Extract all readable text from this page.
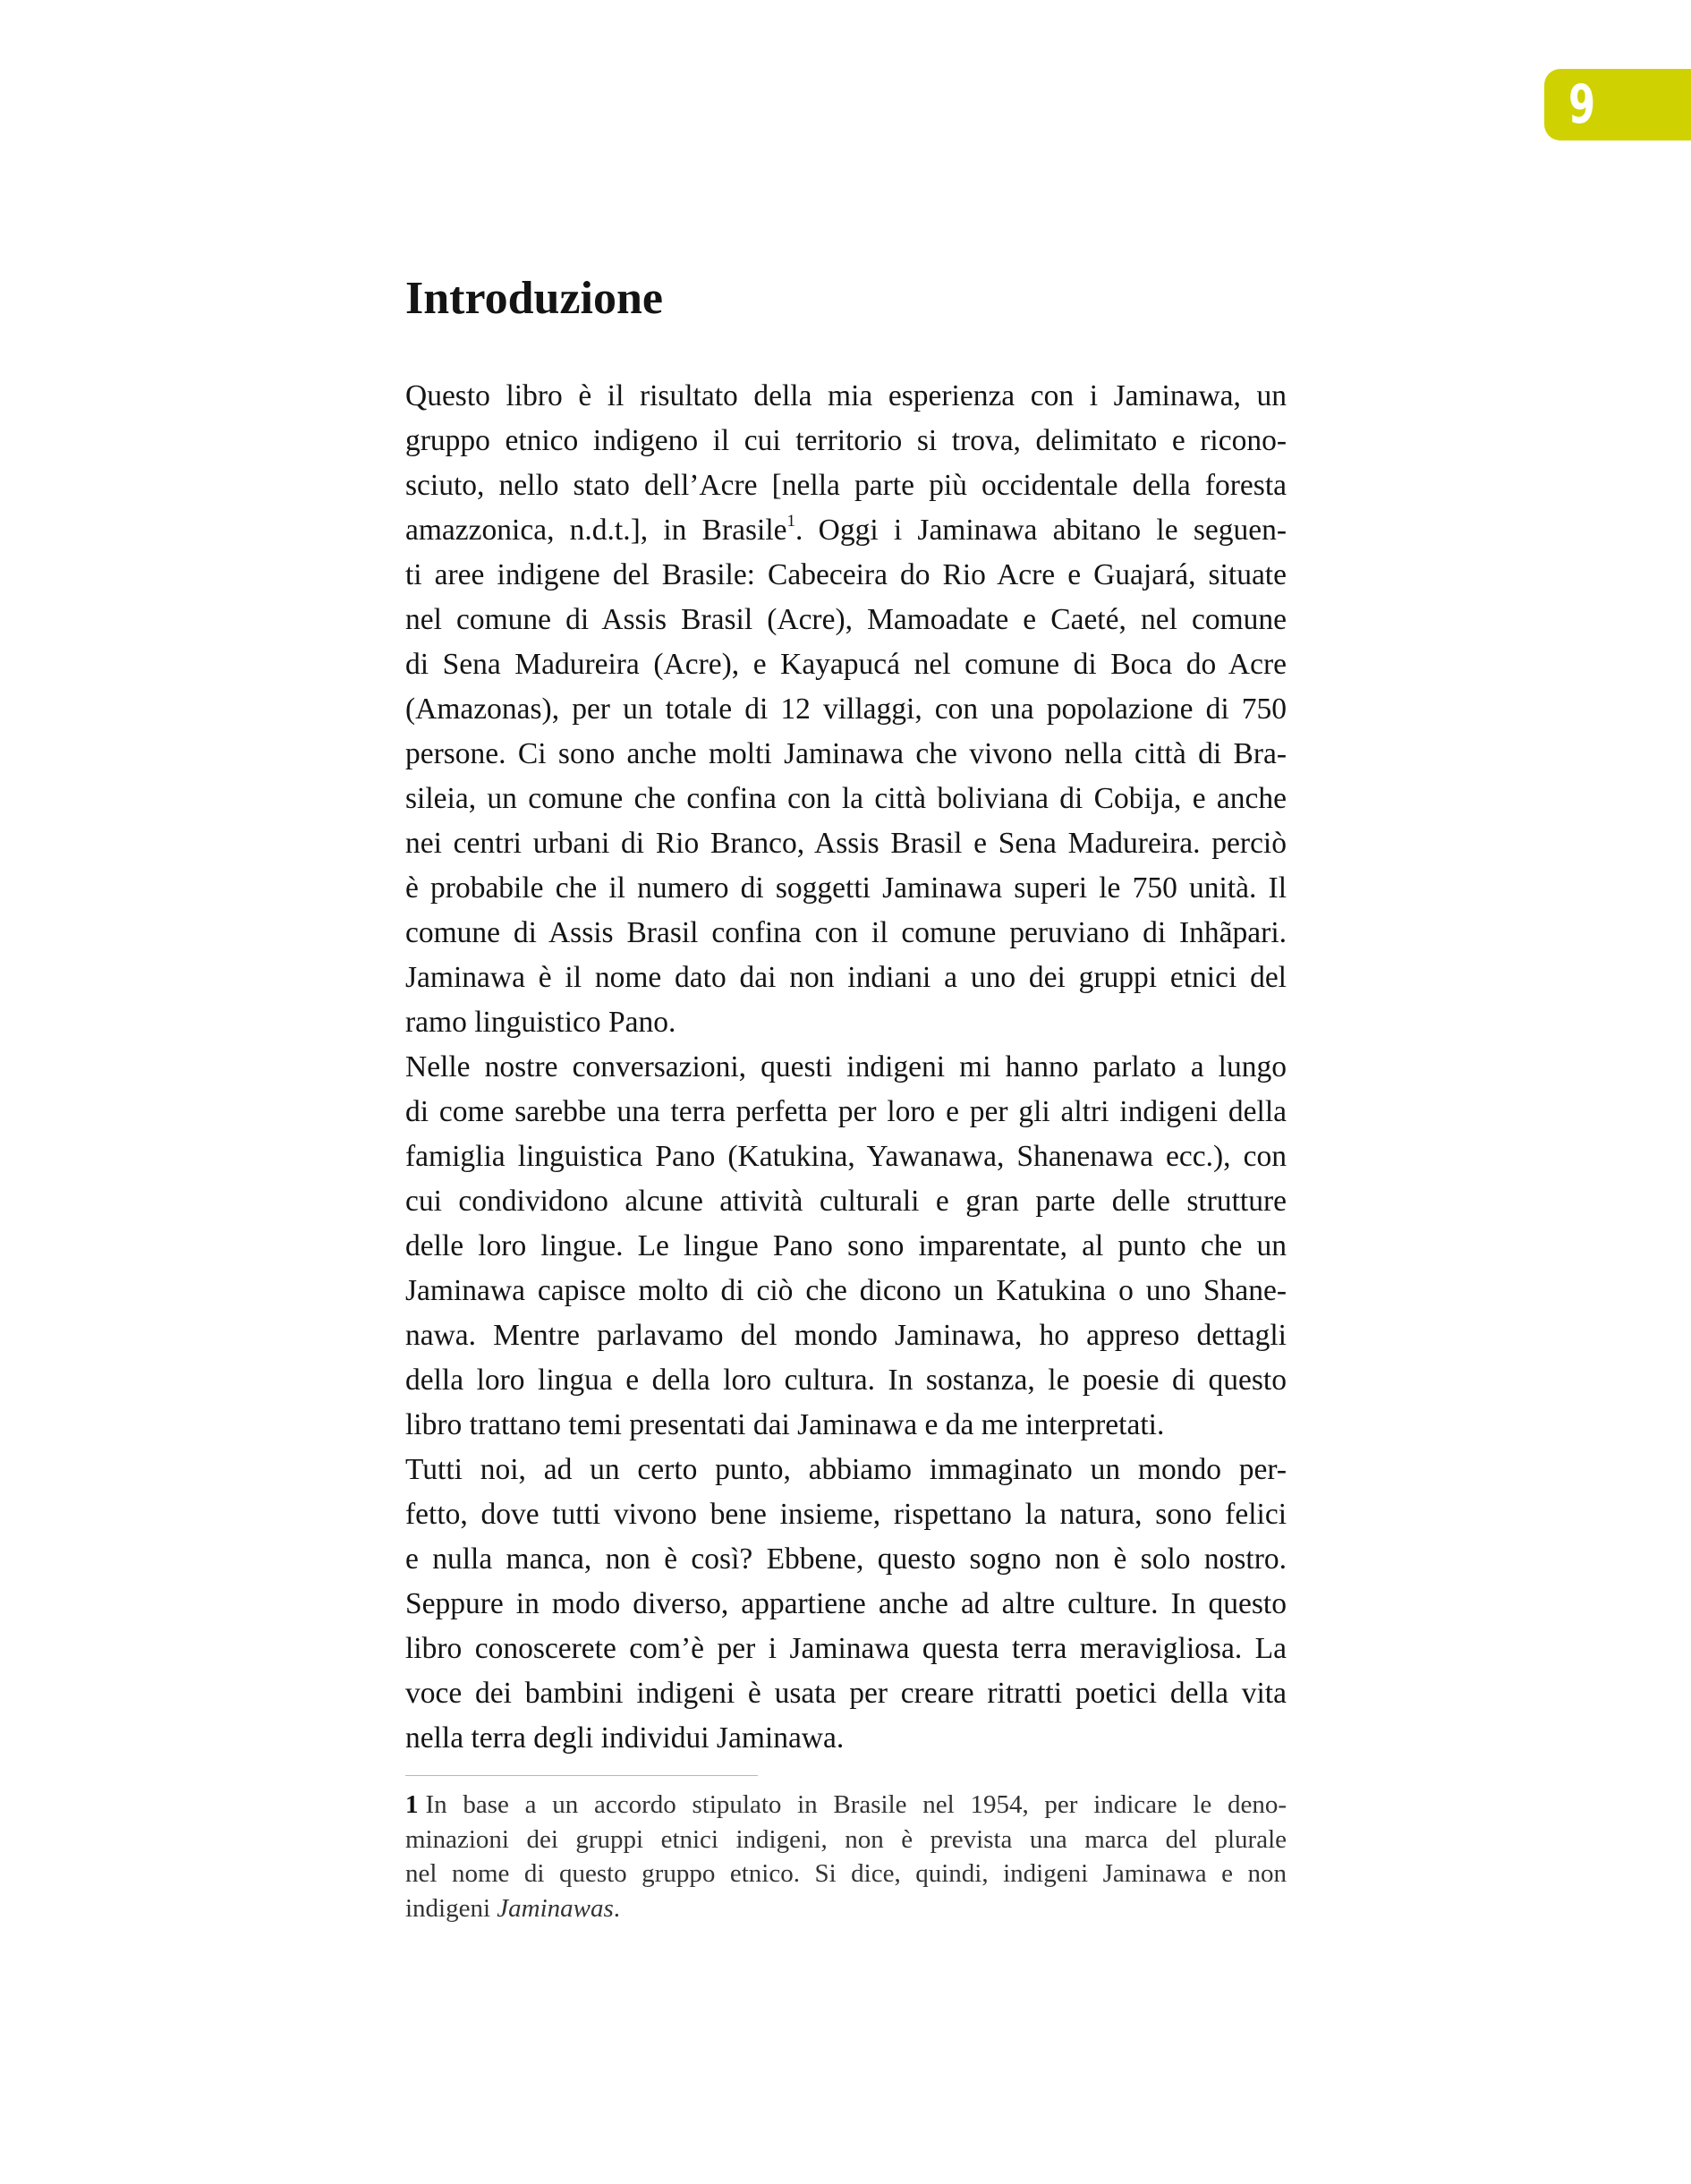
9
Introduzione
Questo libro è il risultato della mia esperienza con i Jaminawa, un
gruppo etnico indigeno il cui territorio si trova, delimitato e ricono-
sciuto, nello stato dell’Acre [nella parte più occidentale della foresta
amazzonica, n.d.t.], in Brasile$^1$. Oggi i Jaminawa abitano le seguen-
ti aree indigene del Brasile: Cabeceira do Rio Acre e Guajará, situate
nel comune di Assis Brasil (Acre), Mamoadate e Caeté, nel comune
di Sena Madureira (Acre), e Kayapucá nel comune di Boca do Acre
(Amazonas), per un totale di 12 villaggi, con una popolazione di 750
persone. Ci sono anche molti Jaminawa che vivono nella città di Bra-
sileia, un comune che confina con la città boliviana di Cobija, e anche
nei centri urbani di Rio Branco, Assis Brasil e Sena Madureira. perciò
è probabile che il numero di soggetti Jaminawa superi le 750 unità. Il
comune di Assis Brasil confina con il comune peruviano di Inhãpari.
Jaminawa è il nome dato dai non indiani a uno dei gruppi etnici del
ramo linguistico Pano.
Nelle nostre conversazioni, questi indigeni mi hanno parlato a lungo
di come sarebbe una terra perfetta per loro e per gli altri indigeni della
famiglia linguistica Pano (Katukina, Yawanawa, Shanenawa ecc.), con
cui condividono alcune attività culturali e gran parte delle strutture
delle loro lingue. Le lingue Pano sono imparentate, al punto che un
Jaminawa capisce molto di ciò che dicono un Katukina o uno Shane-
nawa. Mentre parlavamo del mondo Jaminawa, ho appreso dettagli
della loro lingua e della loro cultura. In sostanza, le poesie di questo
libro trattano temi presentati dai Jaminawa e da me interpretati.
Tutti noi, ad un certo punto, abbiamo immaginato un mondo per-
fetto, dove tutti vivono bene insieme, rispettano la natura, sono felici
e nulla manca, non è così? Ebbene, questo sogno non è solo nostro.
Seppure in modo diverso, appartiene anche ad altre culture. In questo
libro conoscerete com’è per i Jaminawa questa terra meravigliosa. La
voce dei bambini indigeni è usata per creare ritratti poetici della vita
nella terra degli individui Jaminawa.
1 In base a un accordo stipulato in Brasile nel 1954, per indicare le deno-
minazioni dei gruppi etnici indigeni, non è prevista una marca del plurale
nel nome di questo gruppo etnico. Si dice, quindi, indigeni Jaminawa e non
indigeni Jaminawas.
